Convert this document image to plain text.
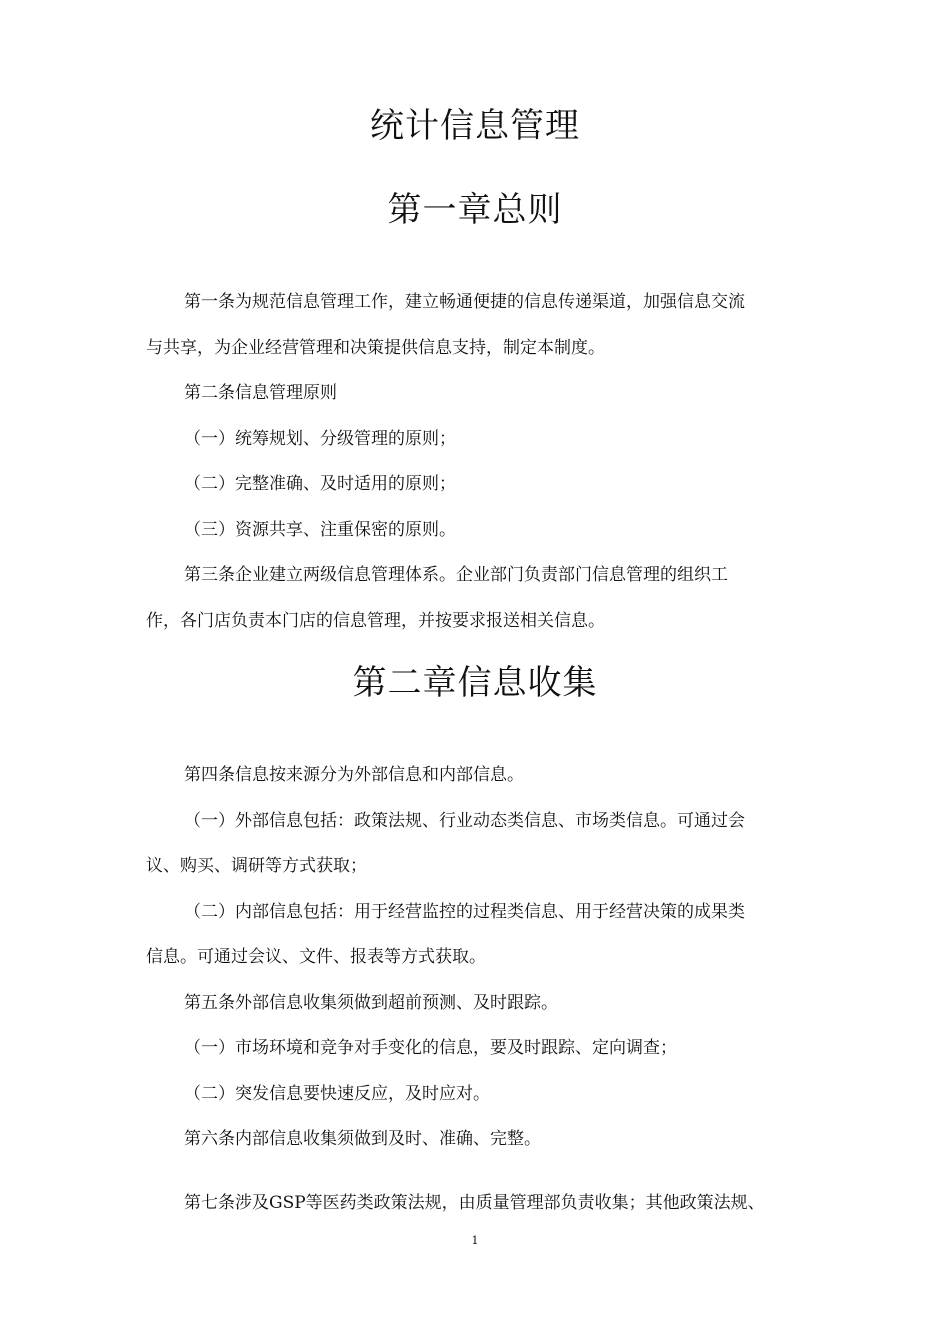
统计信息管理
第一章总则
第一条为规范信息管理工作，建立畅通便捷的信息传递渠道，加强信息交流
与共享，为企业经营管理和决策提供信息支持，制定本制度。
第二条信息管理原则
（一）统筹规划、分级管理的原则；
（二）完整准确、及时适用的原则；
（三）资源共享、注重保密的原则。
第三条企业建立两级信息管理体系。企业部门负责部门信息管理的组织工
作，各门店负责本门店的信息管理，并按要求报送相关信息。
第二章信息收集
第四条信息按来源分为外部信息和内部信息。
（一）外部信息包括：政策法规、行业动态类信息、市场类信息。可通过会
议、购买、调研等方式获取；
（二）内部信息包括：用于经营监控的过程类信息、用于经营决策的成果类
信息。可通过会议、文件、报表等方式获取。
第五条外部信息收集须做到超前预测、及时跟踪。
（一）市场环境和竞争对手变化的信息，要及时跟踪、定向调查；
（二）突发信息要快速反应，及时应对。
第六条内部信息收集须做到及时、准确、完整。
第七条涉及GSP等医药类政策法规，由质量管理部负责收集；其他政策法规、
1
